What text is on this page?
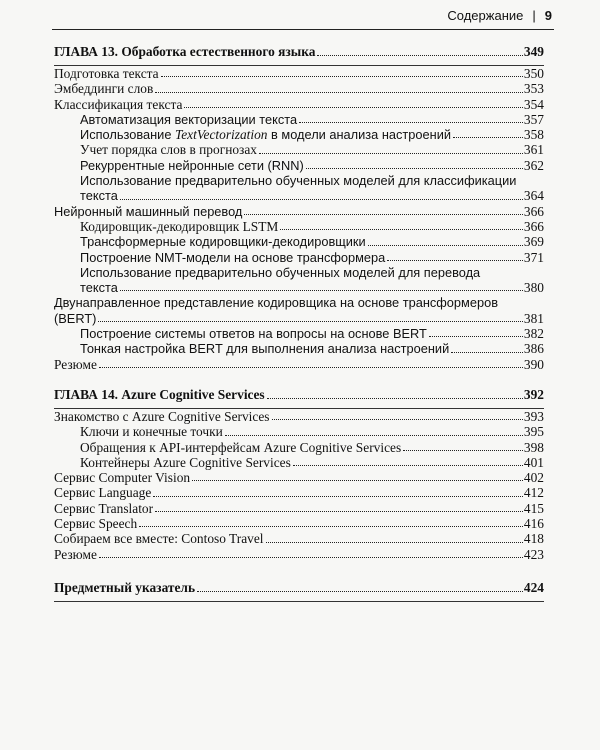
Содержание | 9
ГЛАВА 13. Обработка естественного языка	349
Подготовка текста	350
Эмбеддинги слов	353
Классификация текста	354
Автоматизация векторизации текста	357
Использование TextVectorization в модели анализа настроений	358
Учет порядка слов в прогнозах	361
Рекуррентные нейронные сети (RNN)	362
Использование предварительно обученных моделей для классификации
текста	364
Нейронный машинный перевод	366
Кодировщик-декодировщик LSTM	366
Трансформерные кодировщики-декодировщики	369
Построение NMT-модели на основе трансформера	371
Использование предварительно обученных моделей для перевода
текста	380
Двунаправленное представление кодировщика на основе трансформеров
(BERT)	381
Построение системы ответов на вопросы на основе BERT	382
Тонкая настройка BERT для выполнения анализа настроений	386
Резюме	390
ГЛАВА 14. Azure Cognitive Services	392
Знакомство с Azure Cognitive Services	393
Ключи и конечные точки	395
Обращения к API-интерфейсам Azure Cognitive Services	398
Контейнеры Azure Cognitive Services	401
Сервис Computer Vision	402
Сервис Language	412
Сервис Translator	415
Сервис Speech	416
Собираем все вместе: Contoso Travel	418
Резюме	423
Предметный указатель	424
